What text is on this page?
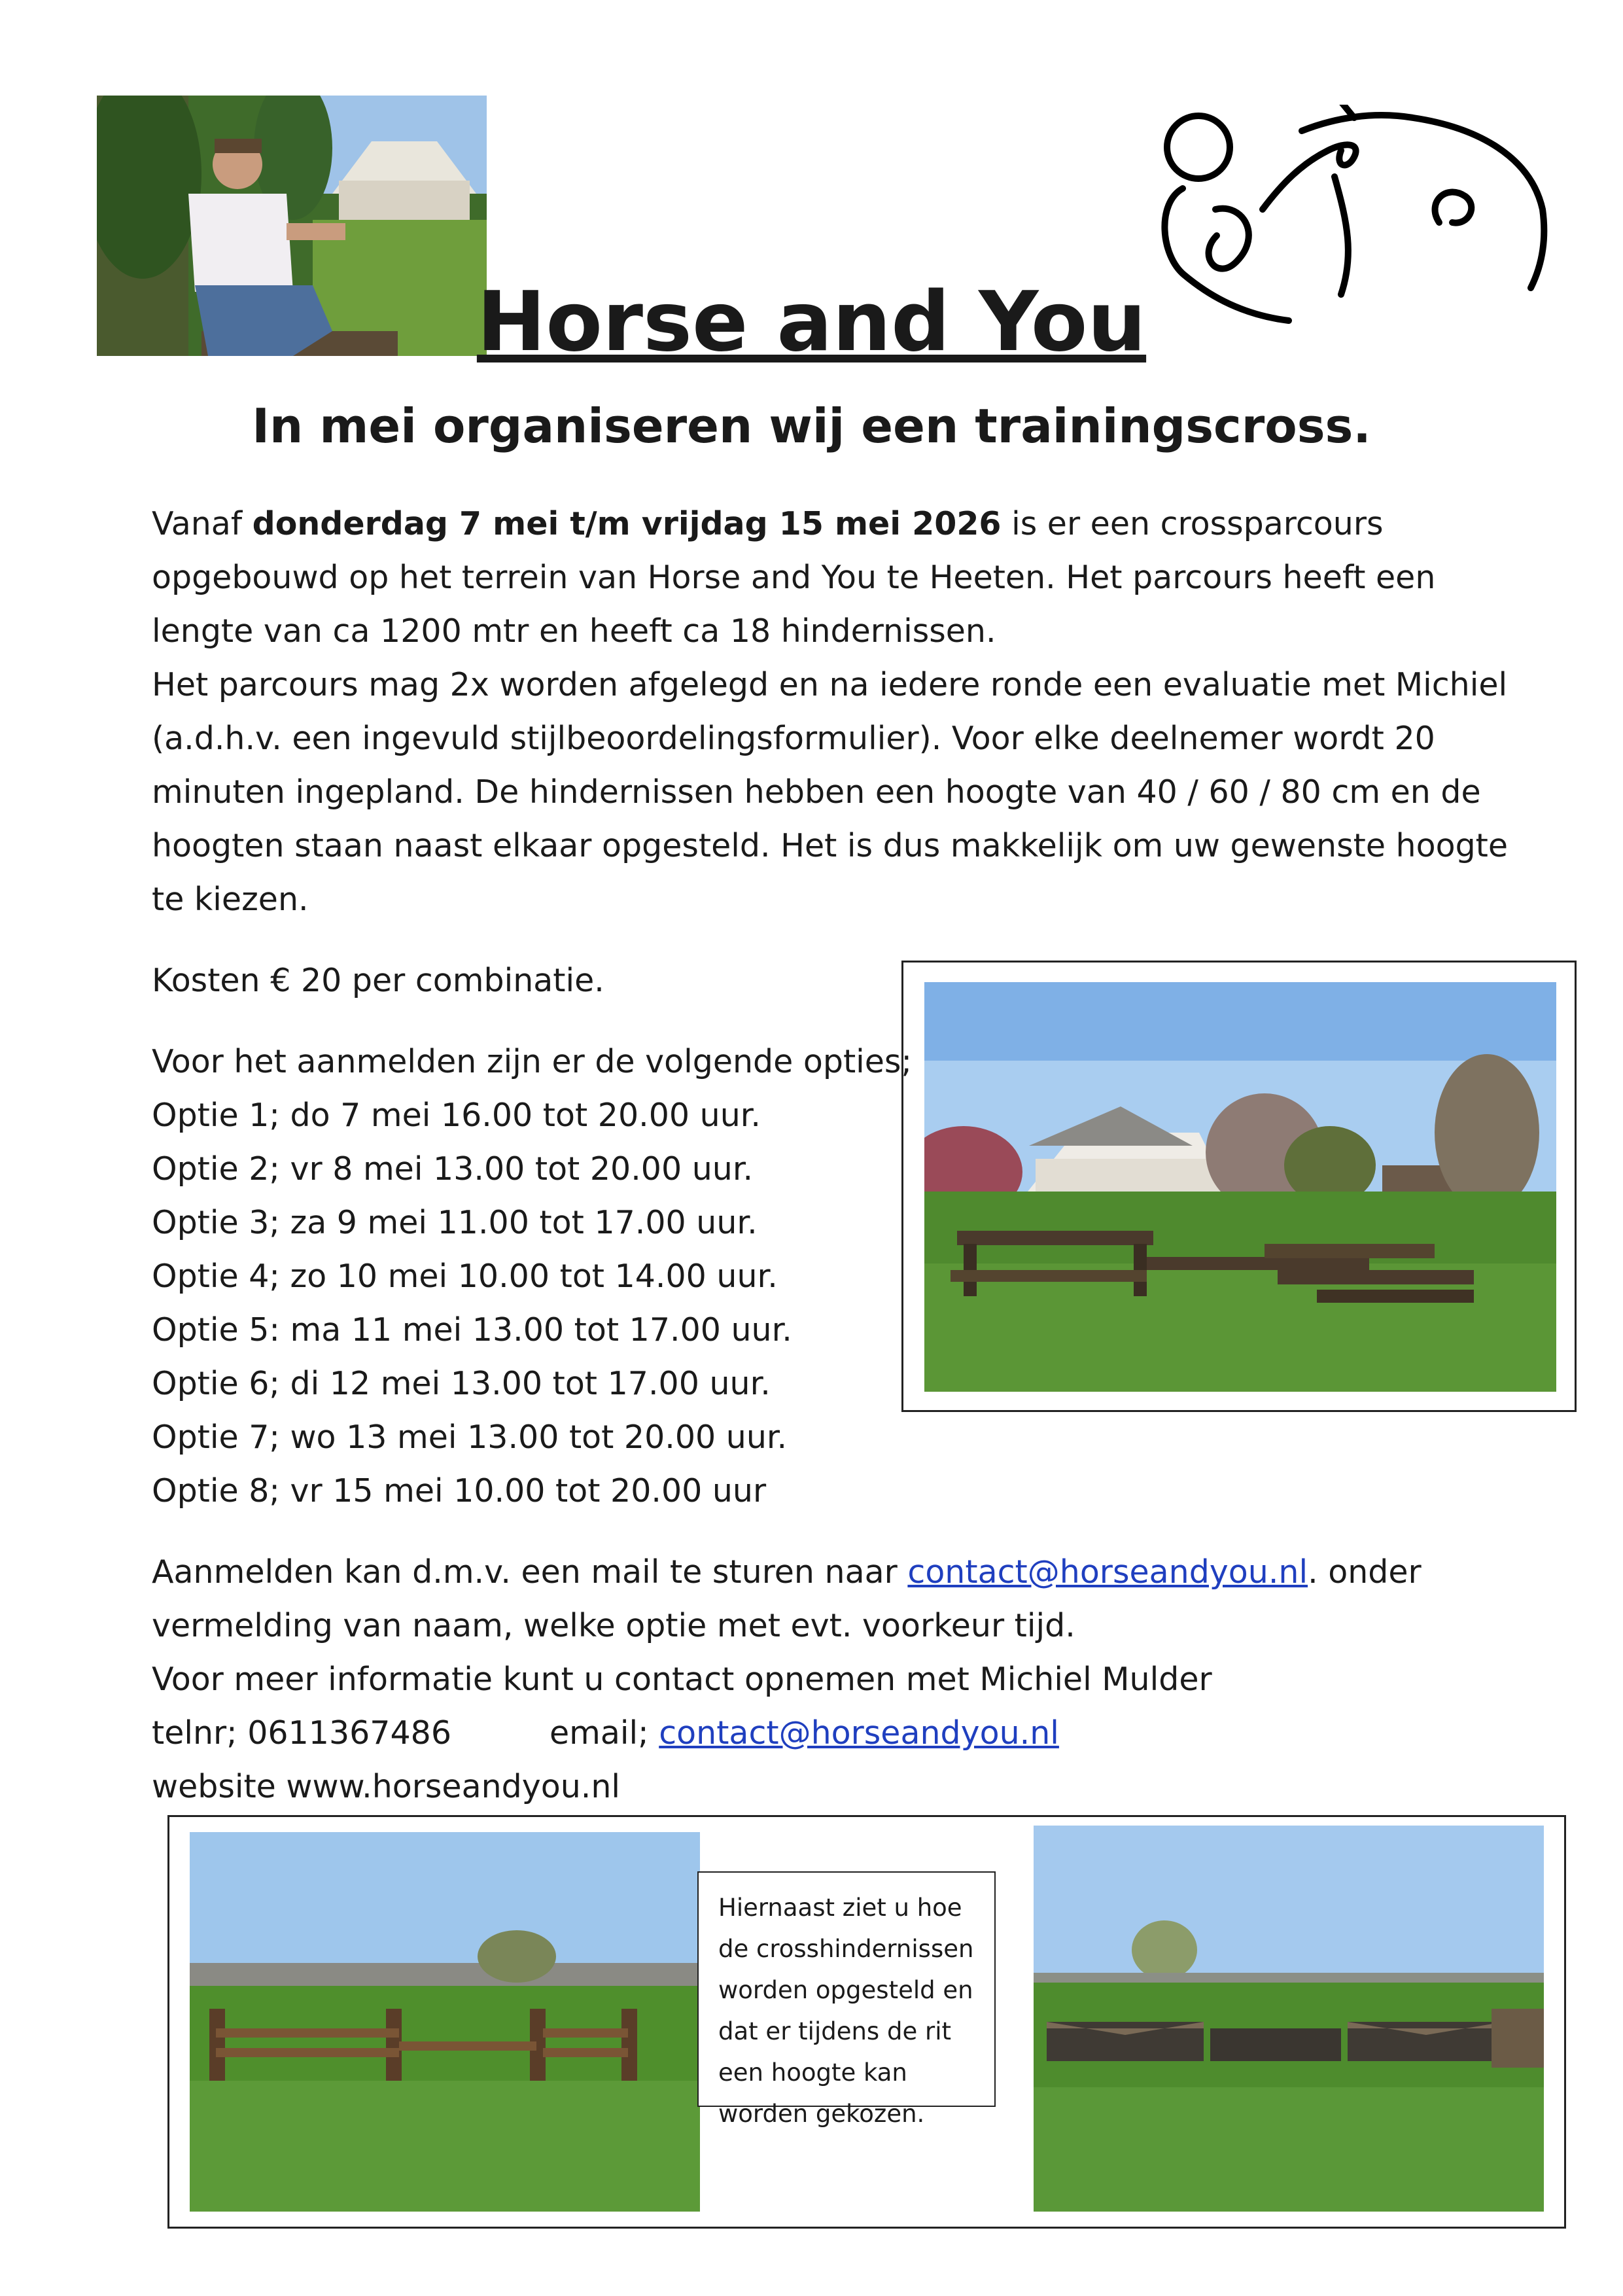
Horse and You
In mei organiseren wij een trainingscross.

Vanaf donderdag 7 mei t/m vrijdag 15 mei 2026 is er een crossparcours opgebouwd op het terrein van Horse and You te Heeten. Het parcours heeft een lengte van ca 1200 mtr en heeft ca 18 hindernissen.

Het parcours mag 2x worden afgelegd en na iedere ronde een evaluatie met Michiel (a.d.h.v. een ingevuld stijlbeoordelingsformulier). Voor elke deelnemer wordt 20 minuten ingepland. De hindernissen hebben een hoogte van 40 / 60 / 80 cm en de hoogten staan naast elkaar opgesteld. Het is dus makkelijk om uw gewenste hoogte te kiezen.

Kosten € 20 per combinatie.

Voor het aanmelden zijn er de volgende opties;

Optie 1; do 7 mei 16.00 tot 20.00 uur.
Optie 2; vr 8 mei 13.00 tot 20.00 uur.
Optie 3; za 9 mei 11.00 tot 17.00 uur.
Optie 4; zo 10 mei 10.00 tot 14.00 uur.
Optie 5: ma 11 mei 13.00 tot 17.00 uur.
Optie 6; di 12 mei 13.00 tot 17.00 uur.
Optie 7; wo 13 mei 13.00 tot 20.00 uur.
Optie 8; vr 15 mei 10.00 tot 20.00 uur

Aanmelden kan d.m.v. een mail te sturen naar contact@horseandyou.nl. onder
vermelding van naam, welke optie met evt. voorkeur tijd.
Voor meer informatie kunt u contact opnemen met Michiel Mulder
telnr; 0611367486	email; contact@horseandyou.nl
website www.horseandyou.nl

Hiernaast ziet u hoe de crosshindernissen worden opgesteld en dat er tijdens de rit een hoogte kan worden gekozen.
